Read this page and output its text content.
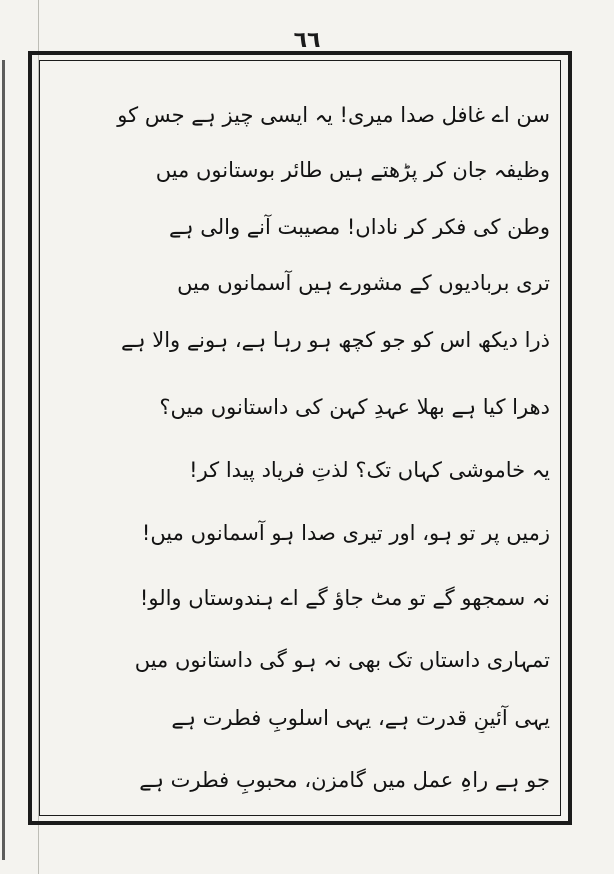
٦٦
سن اے غافل صدا میری! یہ ایسی چیز ہے جس کو
وظیفہ جان کر پڑھتے ہیں طائر بوستانوں میں
وطن کی فکر کر ناداں! مصیبت آنے والی ہے
تری بربادیوں کے مشورے ہیں آسمانوں میں
ذرا دیکھ اس کو جو کچھ ہو رہا ہے، ہونے والا ہے
دھرا کیا ہے بھلا عہدِ کہن کی داستانوں میں؟
یہ خاموشی کہاں تک؟ لذتِ فریاد پیدا کر!
زمیں پر تو ہو، اور تیری صدا ہو آسمانوں میں!
نہ سمجھو گے تو مٹ جاؤ گے اے ہندوستاں والو!
تمہاری داستاں تک بھی نہ ہو گی داستانوں میں
یہی آئینِ قدرت ہے، یہی اسلوبِ فطرت ہے
جو ہے راہِ عمل میں گامزن، محبوبِ فطرت ہے
